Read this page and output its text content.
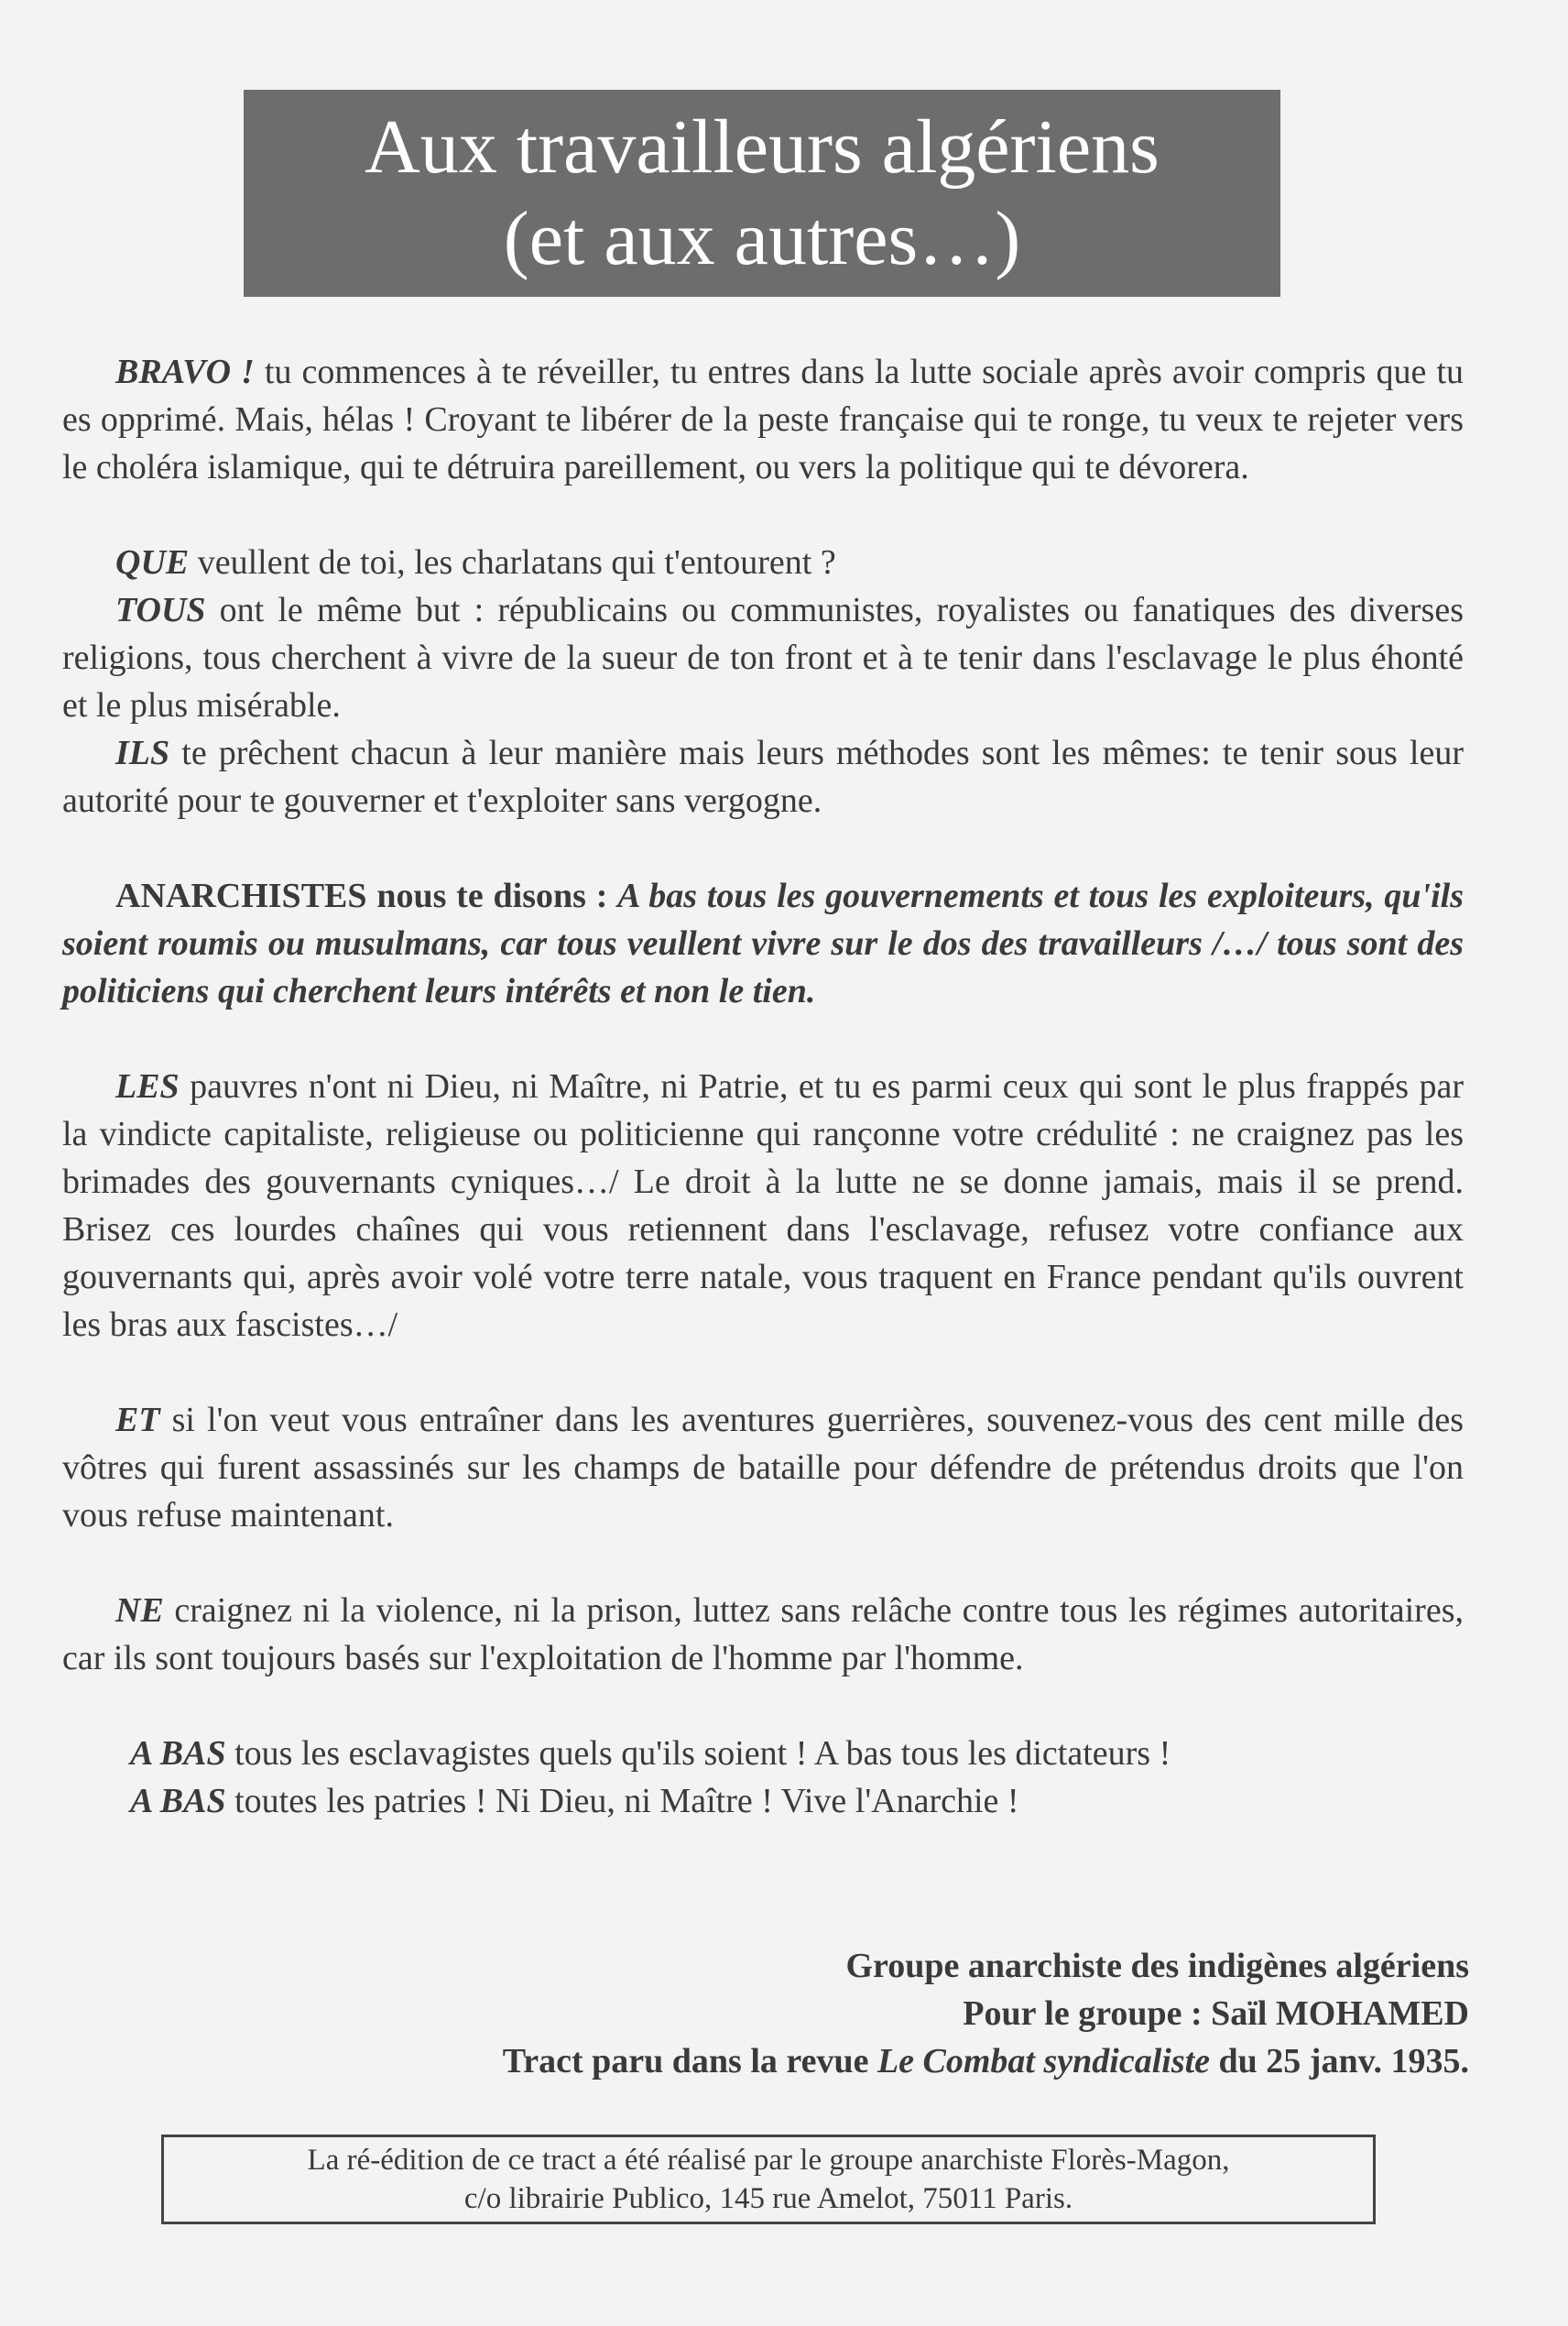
Aux travailleurs algériens
(et aux autres…)

BRAVO ! tu commences à te réveiller, tu entres dans la lutte sociale après avoir compris que tu es opprimé. Mais, hélas ! Croyant te libérer de la peste française qui te ronge, tu veux te rejeter vers le choléra islamique, qui te détruira pareillement, ou vers la politique qui te dévorera.

QUE veullent de toi, les charlatans qui t'entourent ?

TOUS ont le même but : républicains ou communistes, royalistes ou fanatiques des diverses religions, tous cherchent à vivre de la sueur de ton front et à te tenir dans l'esclavage le plus éhonté et le plus misérable.

ILS te prêchent chacun à leur manière mais leurs méthodes sont les mêmes: te tenir sous leur autorité pour te gouverner et t'exploiter sans vergogne.

ANARCHISTES nous te disons : A bas tous les gouvernements et tous les exploiteurs, qu'ils soient roumis ou musulmans, car tous veullent vivre sur le dos des travailleurs /…/ tous sont des politiciens qui cherchent leurs intérêts et non le tien.

LES pauvres n'ont ni Dieu, ni Maître, ni Patrie, et tu es parmi ceux qui sont le plus frappés par la vindicte capitaliste, religieuse ou politicienne qui rançonne votre crédulité : ne craignez pas les brimades des gouvernants cyniques…/ Le droit à la lutte ne se donne jamais, mais il se prend. Brisez ces lourdes chaînes qui vous retiennent dans l'esclavage, refusez votre confiance aux gouvernants qui, après avoir volé votre terre natale, vous traquent en France pendant qu'ils ouvrent les bras aux fascistes…/

ET si l'on veut vous entraîner dans les aventures guerrières, souvenez-vous des cent mille des vôtres qui furent assassinés sur les champs de bataille pour défendre de prétendus droits que l'on vous refuse maintenant.

NE craignez ni la violence, ni la prison, luttez sans relâche contre tous les régimes autoritaires, car ils sont toujours basés sur l'exploitation de l'homme par l'homme.

A BAS tous les esclavagistes quels qu'ils soient ! A bas tous les dictateurs !

A BAS toutes les patries ! Ni Dieu, ni Maître ! Vive l'Anarchie !

Groupe anarchiste des indigènes algériens

Pour le groupe : Saïl MOHAMED

Tract paru dans la revue Le Combat syndicaliste du 25 janv. 1935.

La ré-édition de ce tract a été réalisé par le groupe anarchiste Florès-Magon,

c/o librairie Publico, 145 rue Amelot, 75011 Paris.
